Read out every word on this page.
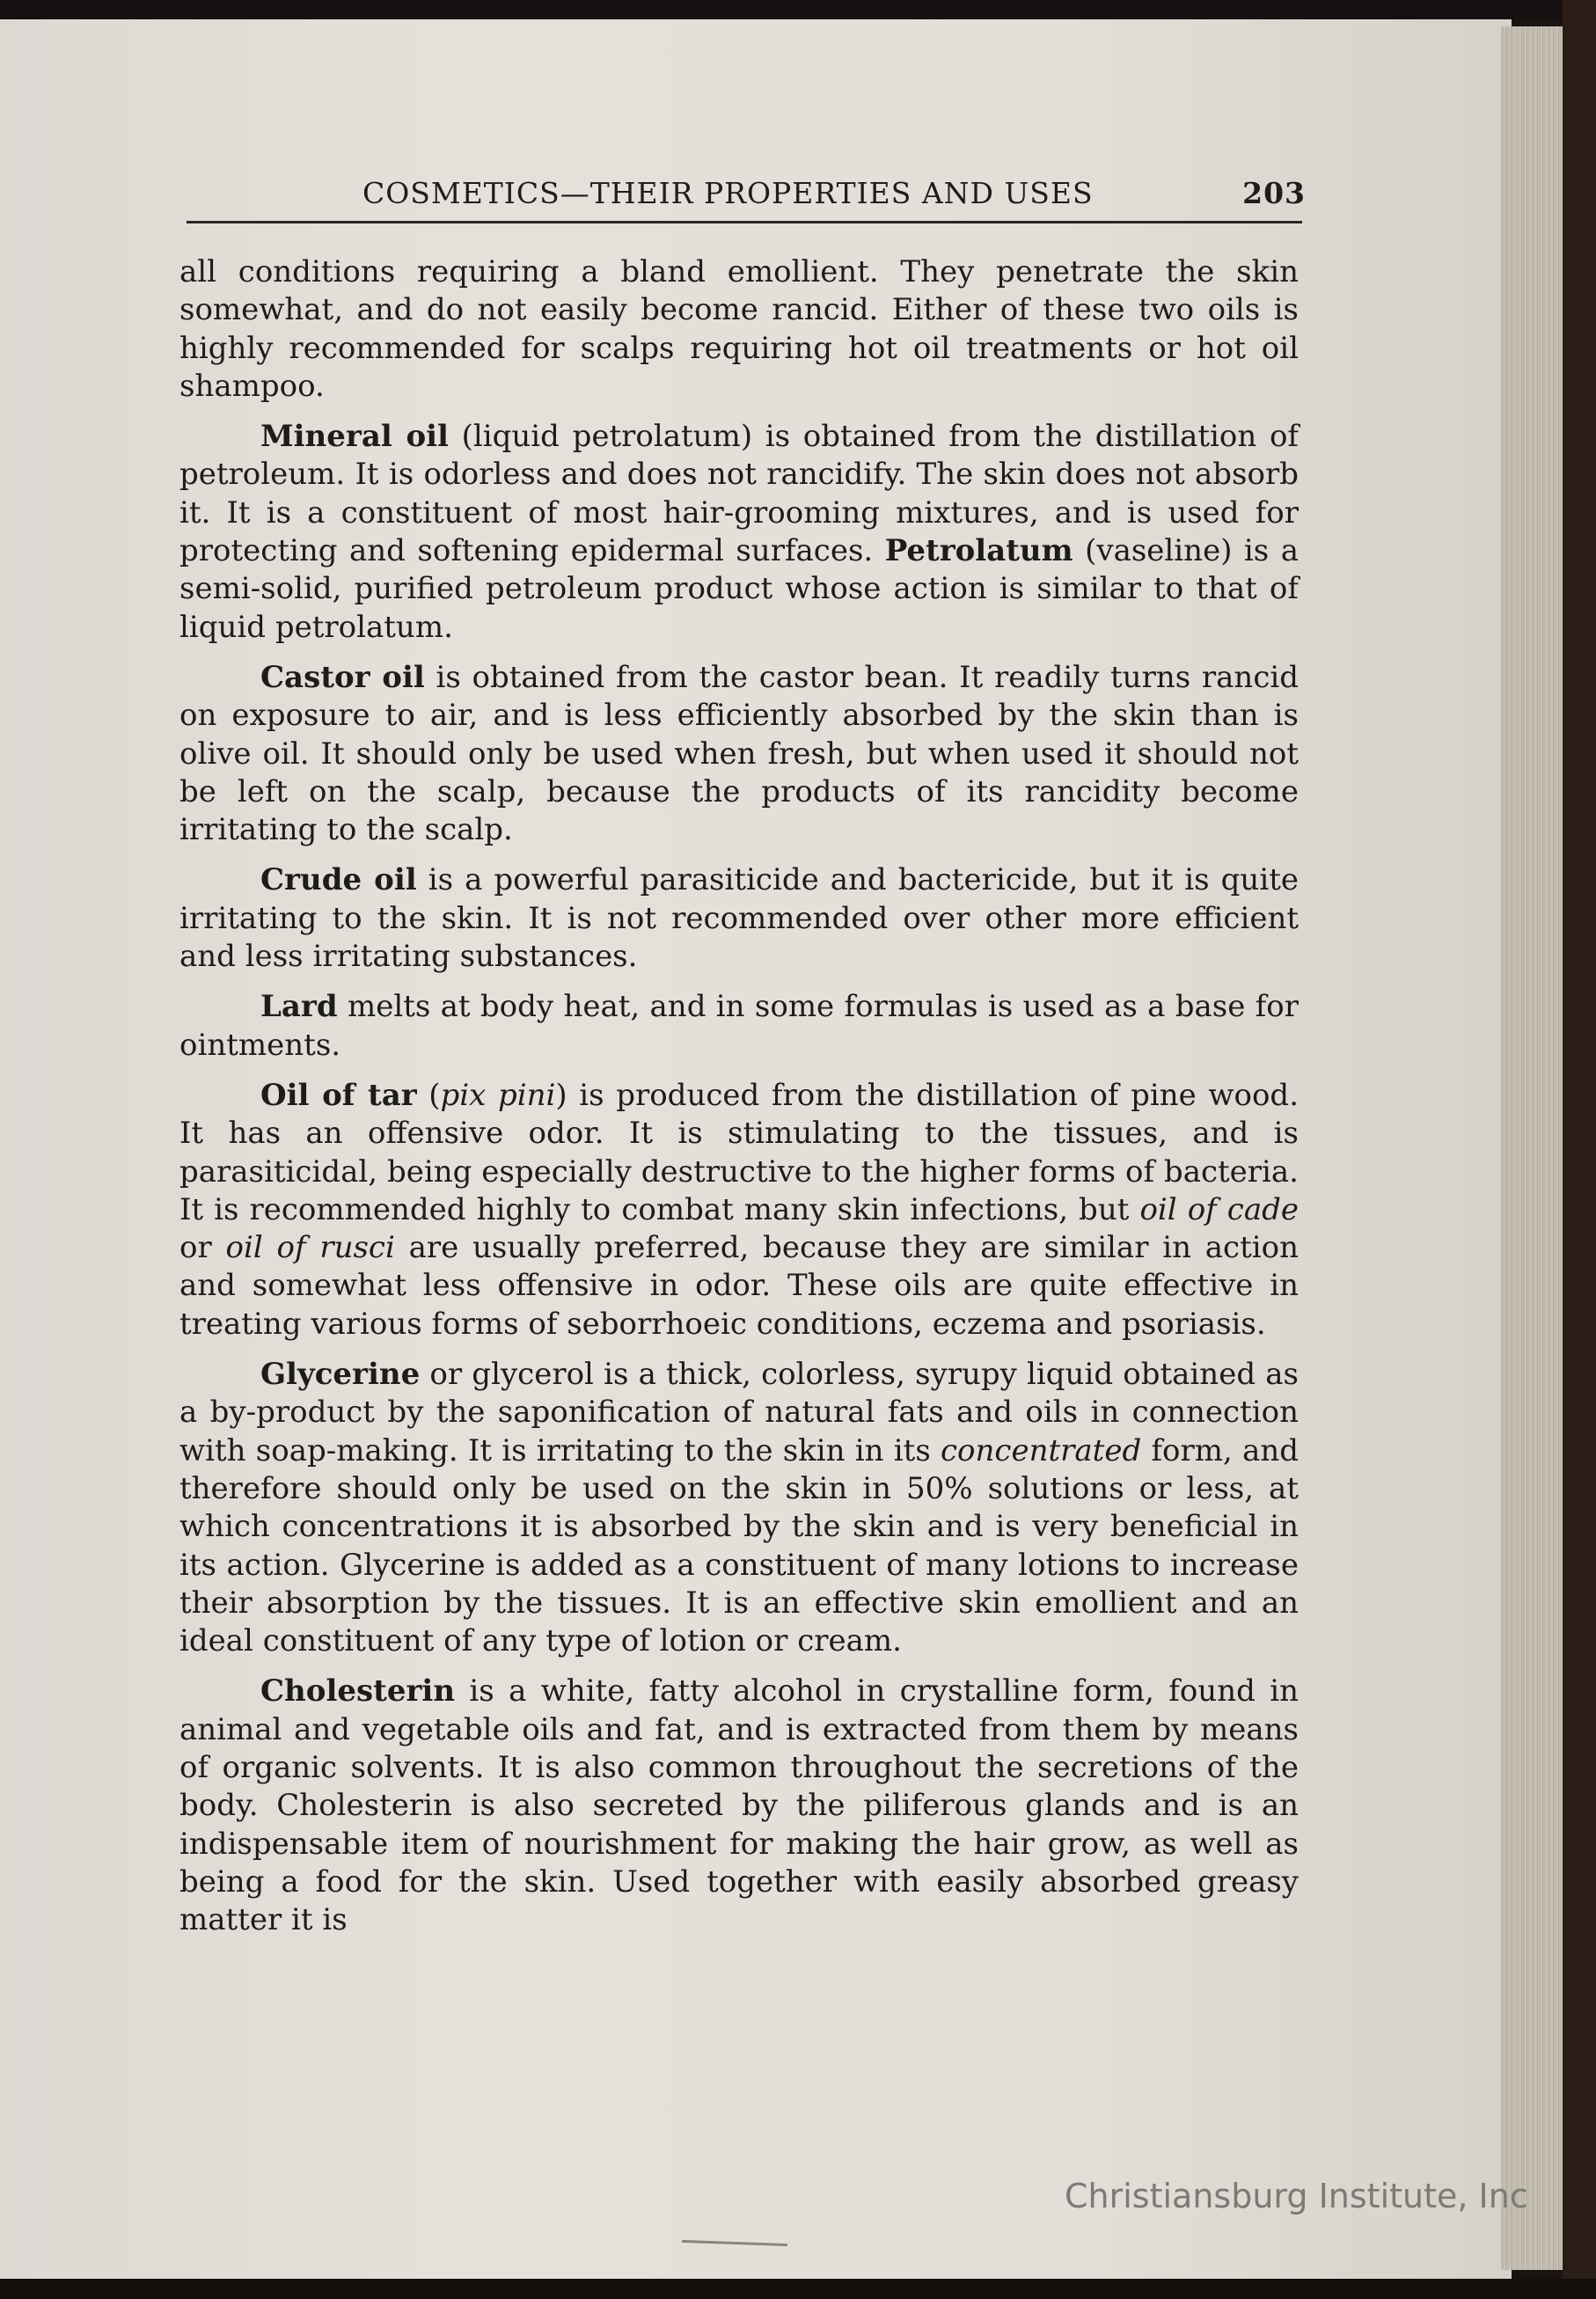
COSMETICS—THEIR PROPERTIES AND USES	203

all conditions requiring a bland emollient. They penetrate the skin somewhat, and do not easily become rancid. Either of these two oils is highly recommended for scalps requiring hot oil treatments or hot oil shampoo.

Mineral oil (liquid petrolatum) is obtained from the distillation of petroleum. It is odorless and does not rancidify. The skin does not absorb it. It is a constituent of most hair-grooming mixtures, and is used for protecting and softening epidermal surfaces. Petrolatum (vaseline) is a semi-solid, purified petroleum product whose action is similar to that of liquid petrolatum.

Castor oil is obtained from the castor bean. It readily turns rancid on exposure to air, and is less efficiently absorbed by the skin than is olive oil. It should only be used when fresh, but when used it should not be left on the scalp, because the products of its rancidity become irritating to the scalp.

Crude oil is a powerful parasiticide and bactericide, but it is quite irritating to the skin. It is not recommended over other more efficient and less irritating substances.

Lard melts at body heat, and in some formulas is used as a base for ointments.

Oil of tar (pix pini) is produced from the distillation of pine wood. It has an offensive odor. It is stimulating to the tissues, and is parasiticidal, being especially destructive to the higher forms of bacteria. It is recommended highly to combat many skin infections, but oil of cade or oil of rusci are usually preferred, because they are similar in action and somewhat less offensive in odor. These oils are quite effective in treating various forms of seborrhoeic conditions, eczema and psoriasis.

Glycerine or glycerol is a thick, colorless, syrupy liquid obtained as a by-product by the saponification of natural fats and oils in connection with soap-making. It is irritating to the skin in its concentrated form, and therefore should only be used on the skin in 50% solutions or less, at which concentrations it is absorbed by the skin and is very beneficial in its action. Glycerine is added as a constituent of many lotions to increase their absorption by the tissues. It is an effective skin emollient and an ideal constituent of any type of lotion or cream.

Cholesterin is a white, fatty alcohol in crystalline form, found in animal and vegetable oils and fat, and is extracted from them by means of organic solvents. It is also common throughout the secretions of the body. Cholesterin is also secreted by the piliferous glands and is an indispensable item of nourishment for making the hair grow, as well as being a food for the skin. Used together with easily absorbed greasy matter it is

Christiansburg Institute, Inc
